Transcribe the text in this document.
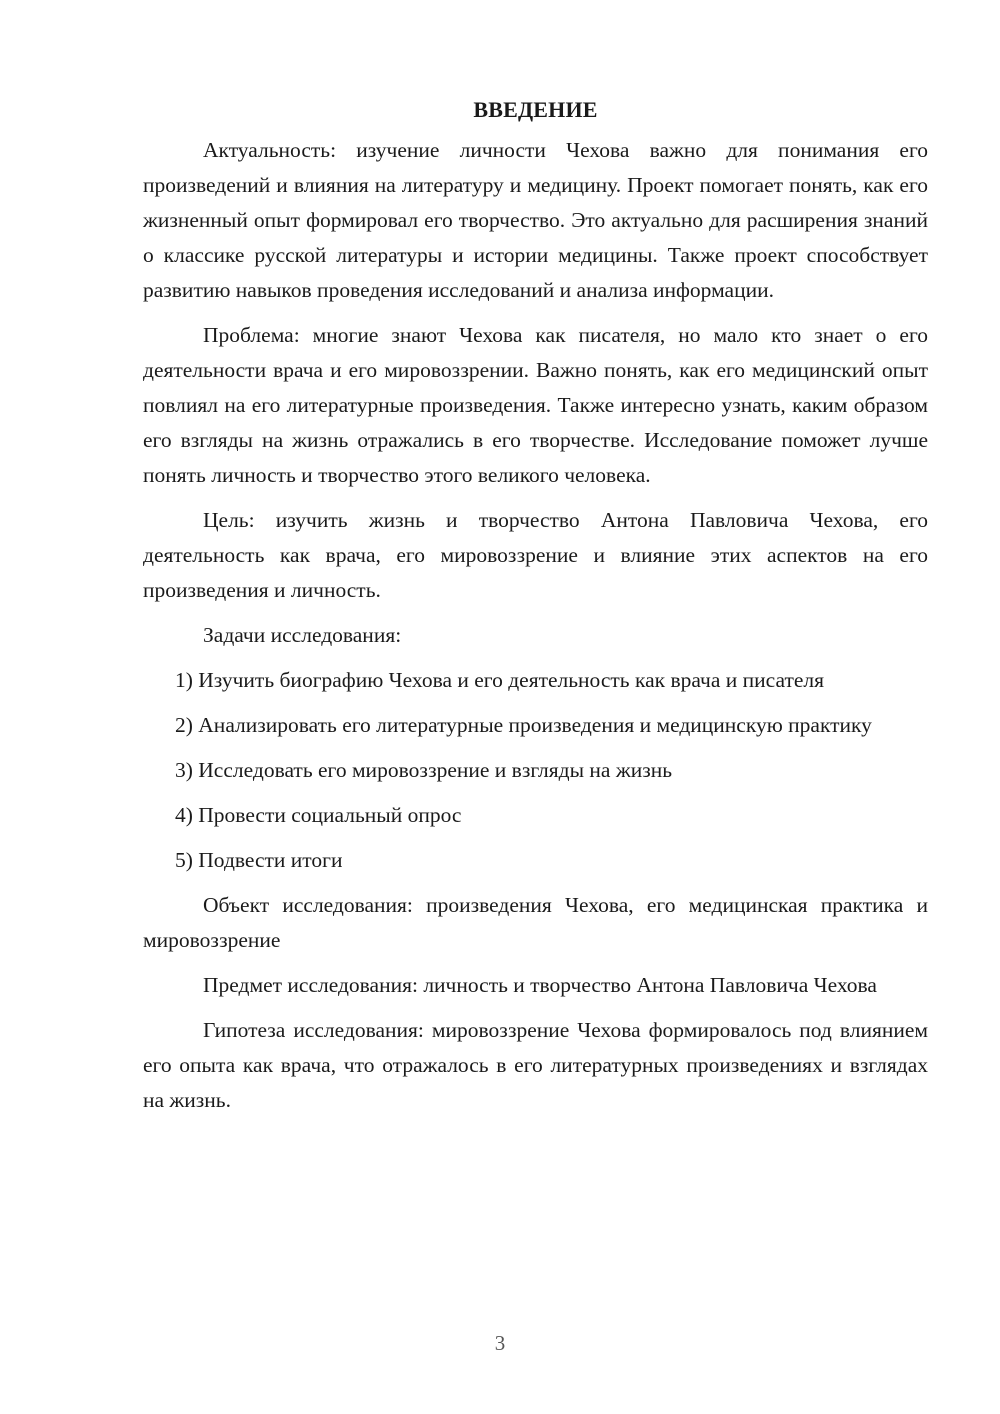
ВВЕДЕНИЕ

Актуальность: изучение личности Чехова важно для понимания его произведений и влияния на литературу и медицину. Проект помогает понять, как его жизненный опыт формировал его творчество. Это актуально для расширения знаний о классике русской литературы и истории медицины. Также проект способствует развитию навыков проведения исследований и анализа информации.

Проблема: многие знают Чехова как писателя, но мало кто знает о его деятельности врача и его мировоззрении. Важно понять, как его медицинский опыт повлиял на его литературные произведения. Также интересно узнать, каким образом его взгляды на жизнь отражались в его творчестве. Исследование поможет лучше понять личность и творчество этого великого человека.

Цель: изучить жизнь и творчество Антона Павловича Чехова, его деятельность как врача, его мировоззрение и влияние этих аспектов на его произведения и личность.

Задачи исследования:

1) Изучить биографию Чехова и его деятельность как врача и писателя
2) Анализировать его литературные произведения и медицинскую практику
3) Исследовать его мировоззрение и взгляды на жизнь
4) Провести социальный опрос
5) Подвести итоги

Объект исследования: произведения Чехова, его медицинская практика и мировоззрение

Предмет исследования: личность и творчество Антона Павловича Чехова

Гипотеза исследования: мировоззрение Чехова формировалось под влиянием его опыта как врача, что отражалось в его литературных произведениях и взглядах на жизнь.

3
